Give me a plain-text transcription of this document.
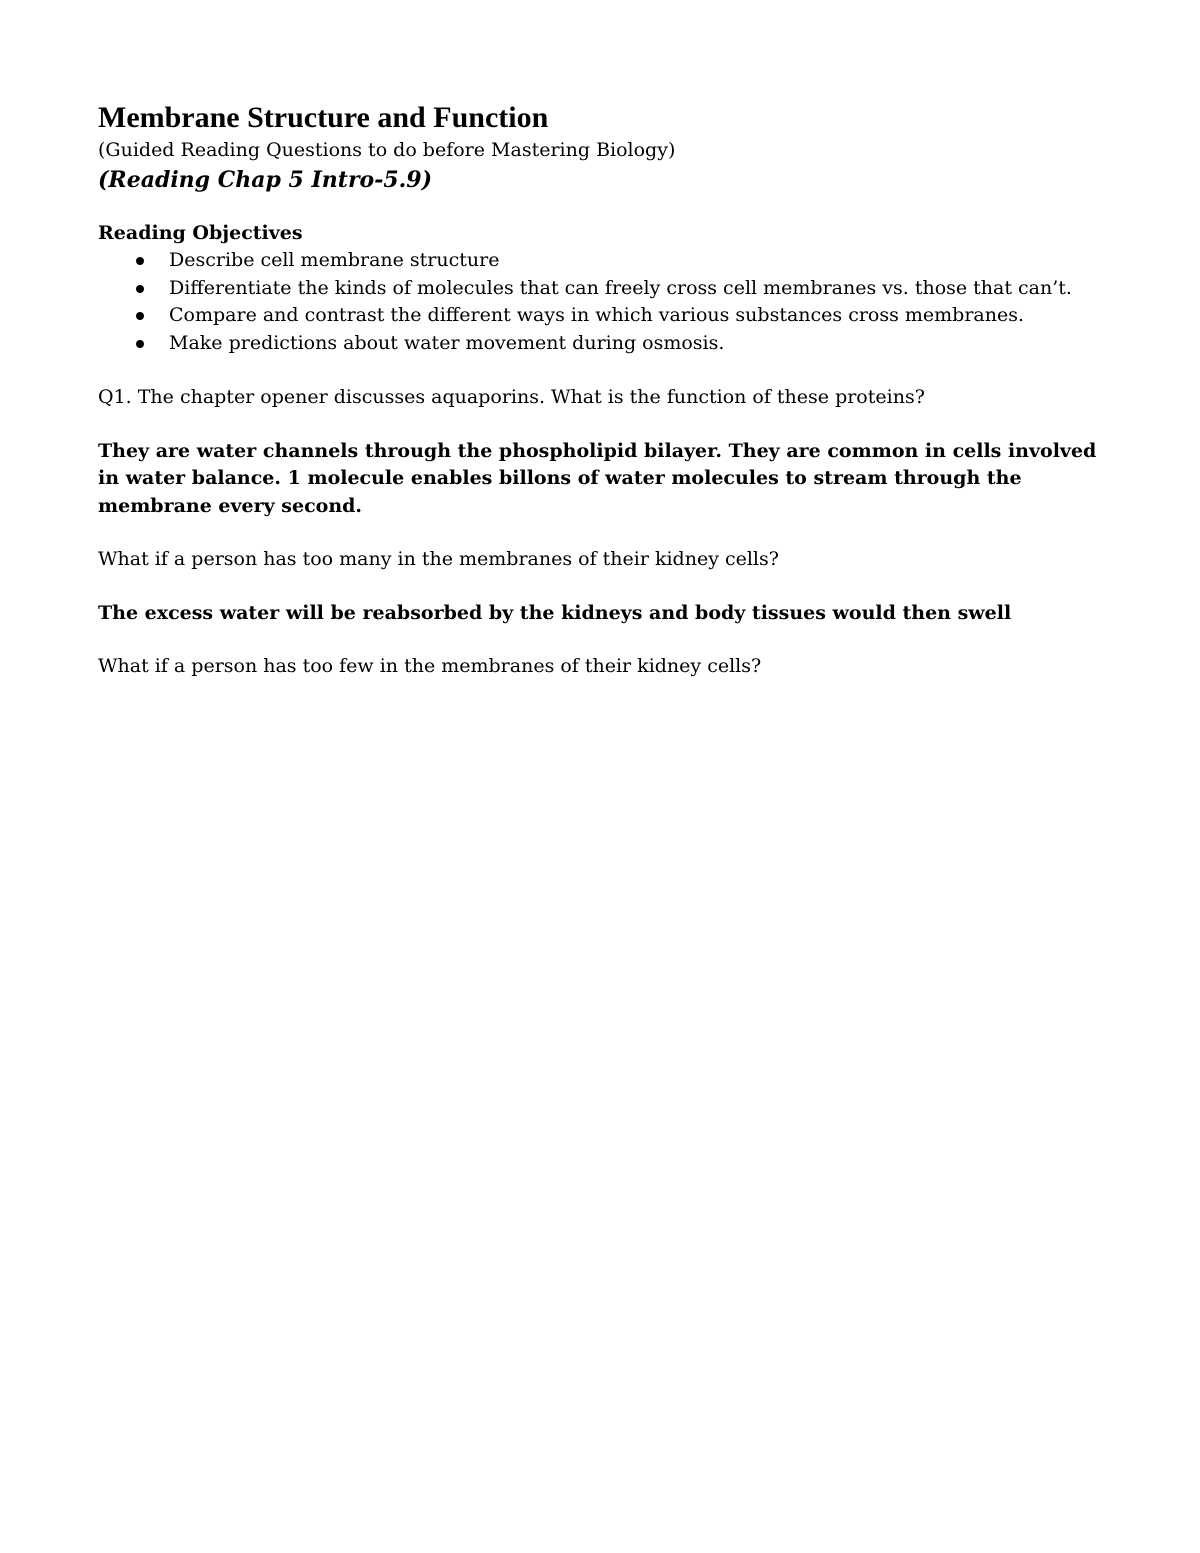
Membrane Structure and Function

(Guided Reading Questions to do before Mastering Biology)

(Reading Chap 5 Intro-5.9)

Reading Objectives

Describe cell membrane structure
Differentiate the kinds of molecules that can freely cross cell membranes vs. those that can’t.
Compare and contrast the different ways in which various substances cross membranes.
Make predictions about water movement during osmosis.

Q1. The chapter opener discusses aquaporins. What is the function of these proteins?

They are water channels through the phospholipid bilayer. They are common in cells involved in water balance. 1 molecule enables billons of water molecules to stream through the membrane every second.

What if a person has too many in the membranes of their kidney cells?

The excess water will be reabsorbed by the kidneys and body tissues would then swell

What if a person has too few in the membranes of their kidney cells?
